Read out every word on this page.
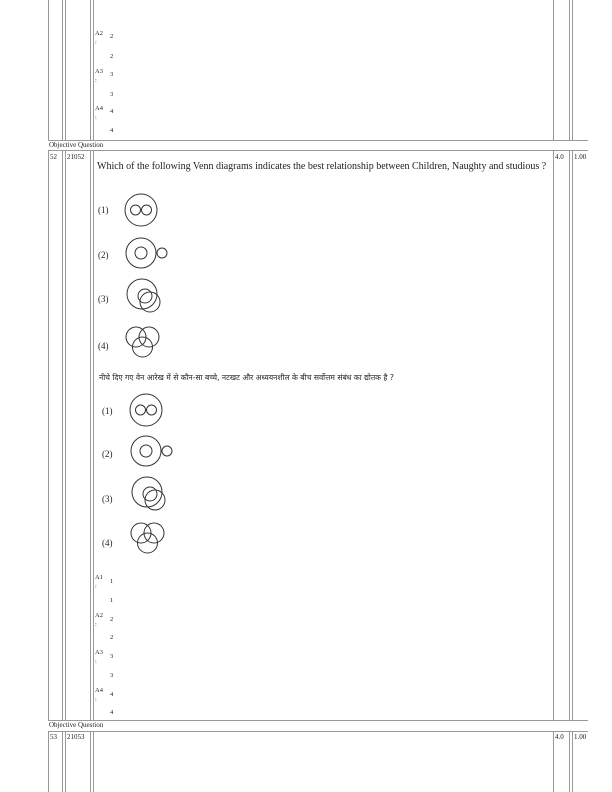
A2
:
2
2
A3
:
3
3
A4
:
4
4
Objective Question
52 21052	4.0 1.00
Which of the following Venn diagrams indicates the best relationship between Children, Naughty and studious ?
(1)
(2)
(3)
(4)
नीचे दिए गए वेन आरेख में से कौन-सा बच्चे, नटखट और अध्ययनशील के बीच सर्वोत्तम संबंध का द्योतक है ?
(1)
(2)
(3)
(4)
A1
:
1
1
A2
:
2
2
A3
:
3
3
A4
:
4
4
Objective Question
53 21053	4.0 1.00
